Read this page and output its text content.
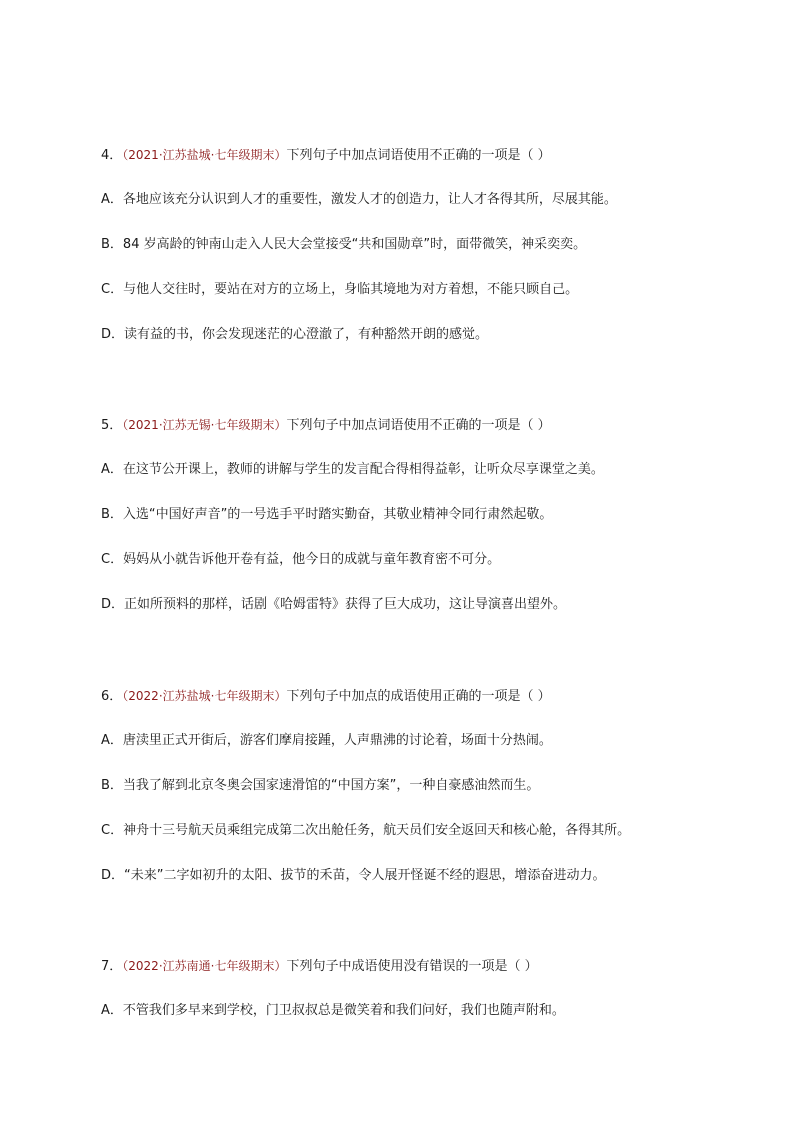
4．（2021·江苏盐城·七年级期末）下列句子中加点词语使用不正确的一项是（ ）

A．各地应该充分认识到人才的重要性，激发人才的创造力，让人才各得其所，尽展其能。

B．84 岁高龄的钟南山走入人民大会堂接受“共和国勋章”时，面带微笑，神采奕奕。

C．与他人交往时，要站在对方的立场上，身临其境地为对方着想，不能只顾自己。

D．读有益的书，你会发现迷茫的心澄澈了，有种豁然开朗的感觉。

5．（2021·江苏无锡·七年级期末）下列句子中加点词语使用不正确的一项是（ ）

A．在这节公开课上，教师的讲解与学生的发言配合得相得益彰，让听众尽享课堂之美。

B．入选“中国好声音”的一号选手平时踏实勤奋，其敬业精神令同行肃然起敬。

C．妈妈从小就告诉他开卷有益，他今日的成就与童年教育密不可分。

D．正如所预料的那样，话剧《哈姆雷特》获得了巨大成功，这让导演喜出望外。

6．（2022·江苏盐城·七年级期末）下列句子中加点的成语使用正确的一项是（ ）

A．唐渎里正式开街后，游客们摩肩接踵，人声鼎沸的讨论着，场面十分热闹。

B．当我了解到北京冬奥会国家速滑馆的“中国方案”，一种自豪感油然而生。

C．神舟十三号航天员乘组完成第二次出舱任务，航天员们安全返回天和核心舱，各得其所。

D．“未来”二字如初升的太阳、拔节的禾苗，令人展开怪诞不经的遐思，增添奋进动力。

7．（2022·江苏南通·七年级期末）下列句子中成语使用没有错误的一项是（ ）

A．不管我们多早来到学校，门卫叔叔总是微笑着和我们问好，我们也随声附和。
